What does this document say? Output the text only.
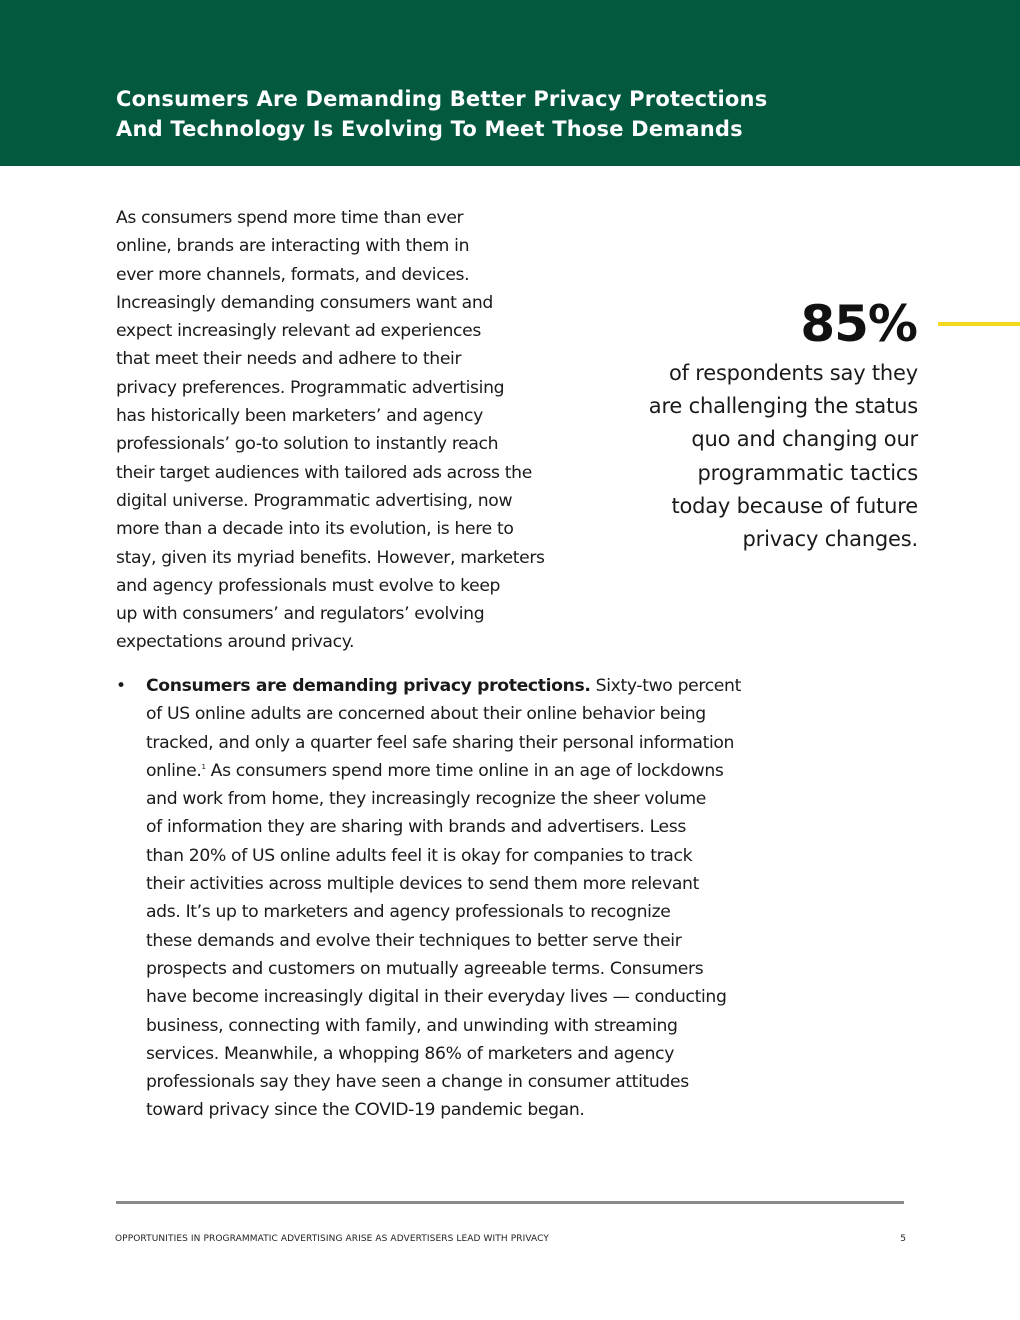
Consumers Are Demanding Better Privacy Protections
And Technology Is Evolving To Meet Those Demands
As consumers spend more time than ever
online, brands are interacting with them in
ever more channels, formats, and devices.
Increasingly demanding consumers want and
expect increasingly relevant ad experiences
that meet their needs and adhere to their
privacy preferences. Programmatic advertising
has historically been marketers’ and agency
professionals’ go-to solution to instantly reach
their target audiences with tailored ads across the
digital universe. Programmatic advertising, now
more than a decade into its evolution, is here to
stay, given its myriad benefits. However, marketers
and agency professionals must evolve to keep
up with consumers’ and regulators’ evolving
expectations around privacy.
85%
of respondents say they
are challenging the status
quo and changing our
programmatic tactics
today because of future
privacy changes.
• Consumers are demanding privacy protections. Sixty-two percent
of US online adults are concerned about their online behavior being
tracked, and only a quarter feel safe sharing their personal information
online.$^1$ As consumers spend more time online in an age of lockdowns
and work from home, they increasingly recognize the sheer volume
of information they are sharing with brands and advertisers. Less
than 20% of US online adults feel it is okay for companies to track
their activities across multiple devices to send them more relevant
ads. It’s up to marketers and agency professionals to recognize
these demands and evolve their techniques to better serve their
prospects and customers on mutually agreeable terms. Consumers
have become increasingly digital in their everyday lives — conducting
business, connecting with family, and unwinding with streaming
services. Meanwhile, a whopping 86% of marketers and agency
professionals say they have seen a change in consumer attitudes
toward privacy since the COVID-19 pandemic began.
OPPORTUNITIES IN PROGRAMMATIC ADVERTISING ARISE AS ADVERTISERS LEAD WITH PRIVACY	5
